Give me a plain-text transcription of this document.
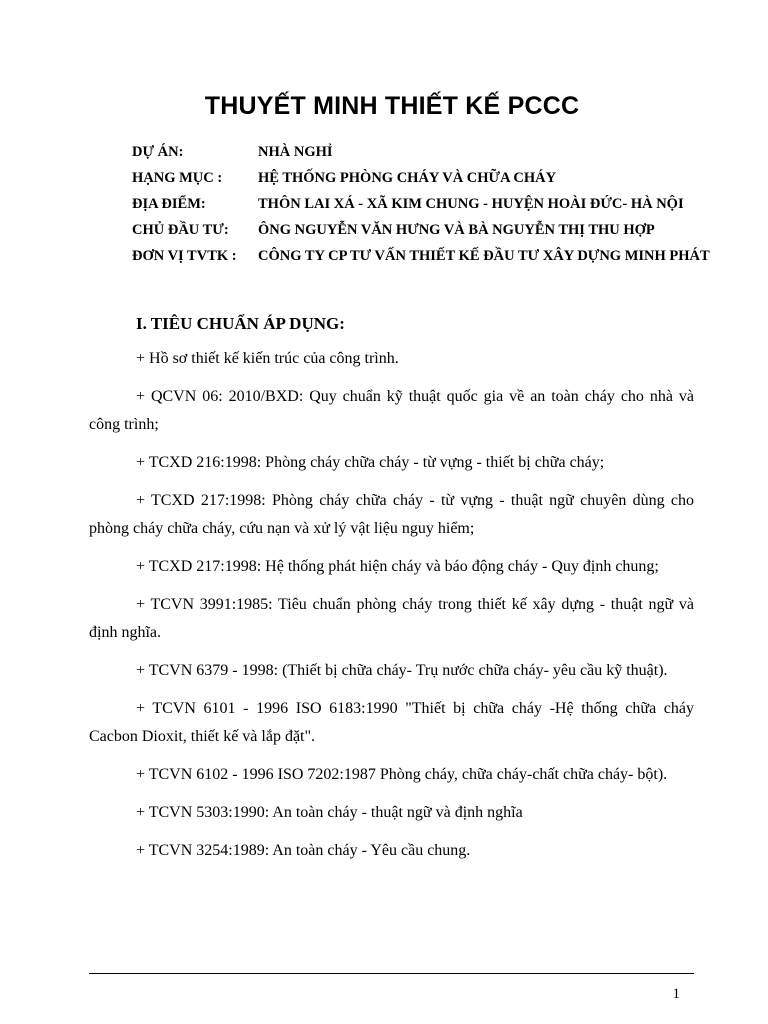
THUYẾT MINH THIẾT KẾ PCCC
DỰ ÁN:	NHÀ NGHỈ
HẠNG MỤC :	HỆ THỐNG PHÒNG CHÁY VÀ CHỮA CHÁY
ĐỊA ĐIỂM:	THÔN LAI XÁ - XÃ KIM CHUNG - HUYỆN HOÀI ĐỨC- HÀ NỘI
CHỦ ĐẦU TƯ:	ÔNG NGUYỄN VĂN HƯNG VÀ BÀ NGUYỄN THỊ THU HỢP
ĐƠN VỊ TVTK :	CÔNG TY CP TƯ VẤN THIẾT KẾ ĐẦU TƯ XÂY DỰNG MINH PHÁT
I. TIÊU CHUẨN ÁP DỤNG:

+ Hồ sơ thiết kế kiến trúc của công trình.

+ QCVN 06: 2010/BXD: Quy chuẩn kỹ thuật quốc gia về an toàn cháy cho nhà và công trình;

+ TCXD 216:1998: Phòng cháy chữa cháy - từ vựng - thiết bị chữa cháy;

+ TCXD 217:1998: Phòng cháy chữa cháy - từ vựng - thuật ngữ chuyên dùng cho phòng cháy chữa cháy, cứu nạn và xử lý vật liệu nguy hiểm;

+ TCXD 217:1998: Hệ thống phát hiện cháy và báo động cháy - Quy định chung;

+ TCVN 3991:1985: Tiêu chuẩn phòng cháy trong thiết kế xây dựng - thuật ngữ và định nghĩa.

+ TCVN 6379 - 1998: (Thiết bị chữa cháy- Trụ nước chữa cháy- yêu cầu kỹ thuật).

+ TCVN 6101 - 1996 ISO 6183:1990 "Thiết bị chữa cháy -Hệ thống chữa cháy Cacbon Dioxit, thiết kế và lắp đặt".

+ TCVN 6102 - 1996 ISO 7202:1987 Phòng cháy, chữa cháy-chất chữa cháy- bột).

+ TCVN 5303:1990: An toàn cháy - thuật ngữ và định nghĩa

+ TCVN 3254:1989: An toàn cháy - Yêu cầu chung.

1
